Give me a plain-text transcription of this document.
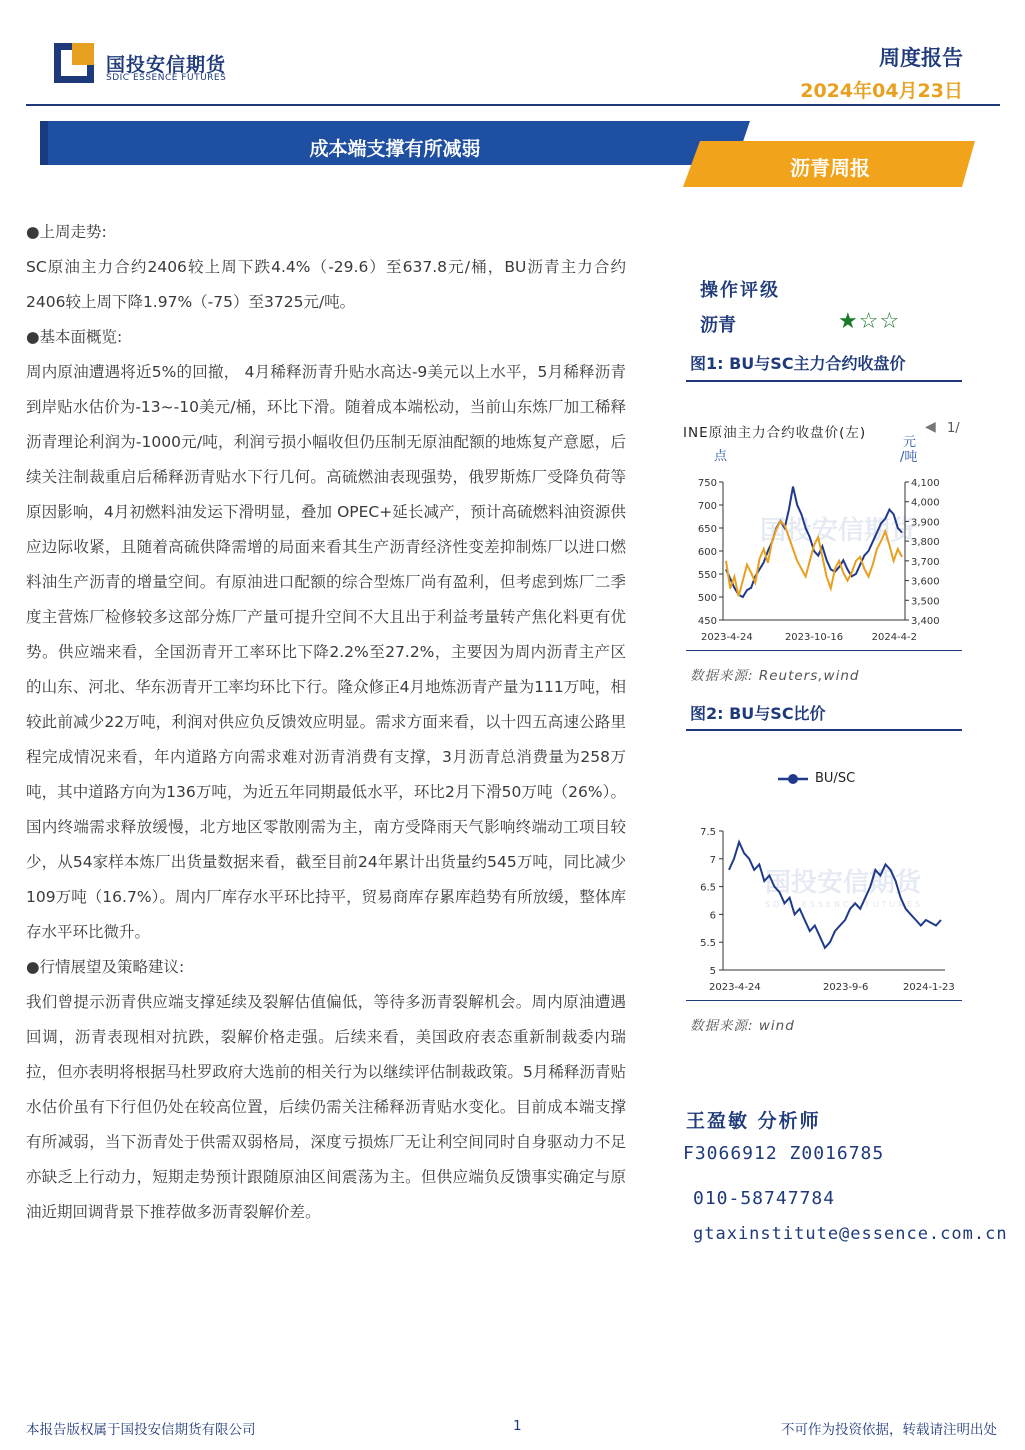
国投安信期货
SDIC ESSENCE FUTURES
周度报告
2024年04月23日
成本端支撑有所减弱
沥青周报
●上周走势:
SC原油主力合约2406较上周下跌4.4%（-29.6）至637.8元/桶，BU沥青主力合约2406较上周下降1.97%（-75）至3725元/吨。
●基本面概览:
周内原油遭遇将近5%的回撤， 4月稀释沥青升贴水高达-9美元以上水平，5月稀释沥青到岸贴水估价为-13~-10美元/桶，环比下滑。随着成本端松动，当前山东炼厂加工稀释沥青理论利润为-1000元/吨，利润亏损小幅收但仍压制无原油配额的地炼复产意愿，后续关注制裁重启后稀释沥青贴水下行几何。高硫燃油表现强势，俄罗斯炼厂受降负荷等原因影响，4月初燃料油发运下滑明显，叠加 OPEC+延长减产，预计高硫燃料油资源供应边际收紧，且随着高硫供降需增的局面来看其生产沥青经济性变差抑制炼厂以进口燃料油生产沥青的增量空间。有原油进口配额的综合型炼厂尚有盈利，但考虑到炼厂二季度主营炼厂检修较多这部分炼厂产量可提升空间不大且出于利益考量转产焦化料更有优势。供应端来看，全国沥青开工率环比下降2.2%至27.2%，主要因为周内沥青主产区的山东、河北、华东沥青开工率均环比下行。隆众修正4月地炼沥青产量为111万吨，相较此前减少22万吨，利润对供应负反馈效应明显。需求方面来看，以十四五高速公路里程完成情况来看，年内道路方向需求难对沥青消费有支撑，3月沥青总消费量为258万吨，其中道路方向为136万吨，为近五年同期最低水平，环比2月下滑50万吨（26%）。国内终端需求释放缓慢，北方地区零散刚需为主，南方受降雨天气影响终端动工项目较少，从54家样本炼厂出货量数据来看，截至目前24年累计出货量约545万吨，同比减少109万吨（16.7%）。周内厂库存水平环比持平，贸易商库存累库趋势有所放缓，整体库存水平环比微升。
●行情展望及策略建议:
我们曾提示沥青供应端支撑延续及裂解估值偏低，等待多沥青裂解机会。周内原油遭遇回调，沥青表现相对抗跌，裂解价格走强。后续来看，美国政府表态重新制裁委内瑞拉，但亦表明将根据马杜罗政府大选前的相关行为以继续评估制裁政策。5月稀释沥青贴水估价虽有下行但仍处在较高位置，后续仍需关注稀释沥青贴水变化。目前成本端支撑有所减弱，当下沥青处于供需双弱格局，深度亏损炼厂无让利空间同时自身驱动力不足亦缺乏上行动力，短期走势预计跟随原油区间震荡为主。但供应端负反馈事实确定与原油近期回调背景下推荐做多沥青裂解价差。
操作评级
沥青	★☆☆
图1: BU与SC主力合约收盘价
INE原油主力合约收盘价(左)	◀ 1/
点
元
/吨
国投安信期货
450
500
550
600
650
700
750
3,400
3,500
3,600
3,700
3,800
3,900
4,000
4,100
2023-4-24	2023-10-16	2024-4-2
数据来源: Reuters,wind
图2: BU与SC比价
BU/SC
国投安信期货
SDIC ESSENCE FUTURES
5
5.5
6
6.5
7
7.5
2023-4-24	2023-9-6	2024-1-23
数据来源: wind
王盈敏 分析师
F3066912 Z0016785
010-58747784
gtaxinstitute@essence.com.cn
本报告版权属于国投安信期货有限公司	1	不可作为投资依据，转载请注明出处
